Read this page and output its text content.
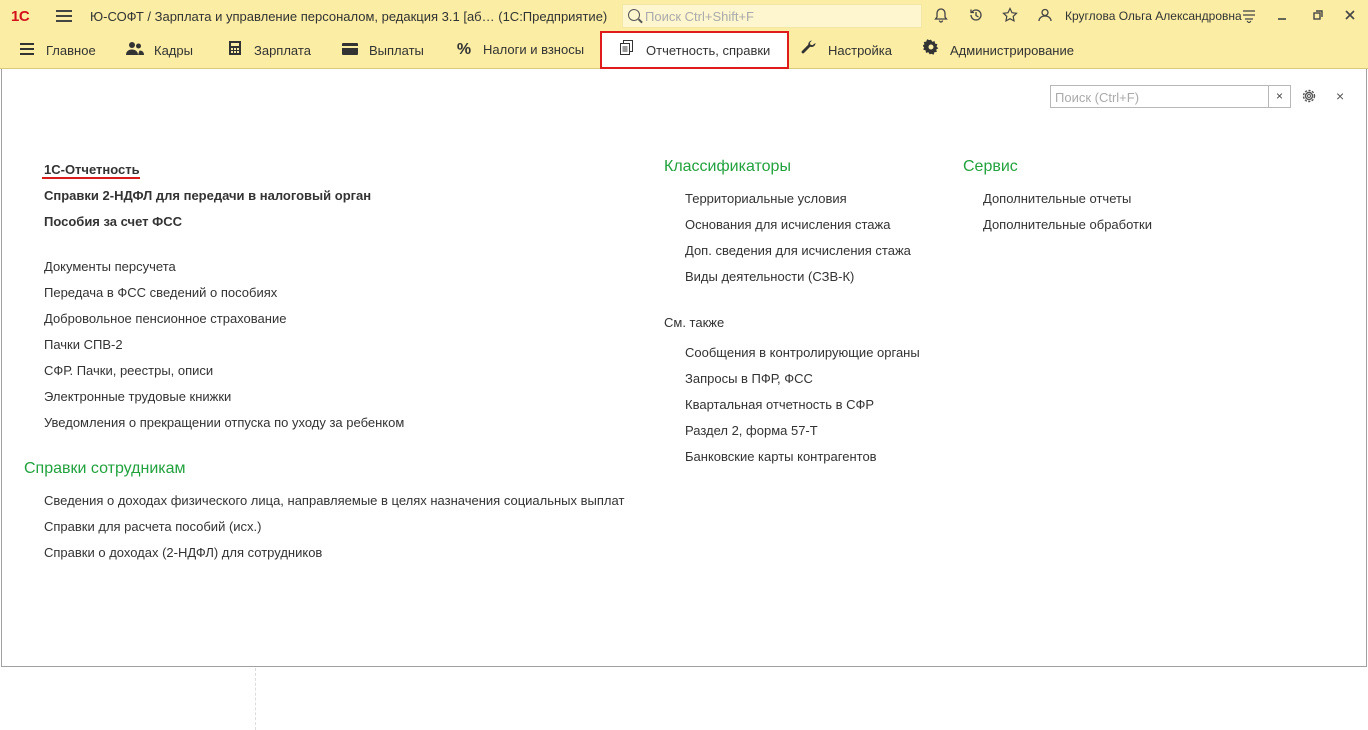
1С	Ю-СОФТ / Зарплата и управление персоналом, редакция 3.1 [аб… (1С:Предприятие)
Поиск Ctrl+Shift+F	Круглова Ольга Александровна
Главное	Кадры	Зарплата	Выплаты % Налоги и взносы	Отчетность, справки	Настройка	Администрирование
Поиск (Ctrl+F)
×	×
1С-Отчетность
Справки 2-НДФЛ для передачи в налоговый орган
Пособия за счет ФСС
Документы персучета
Передача в ФСС сведений о пособиях
Добровольное пенсионное страхование
Пачки СПВ-2
СФР. Пачки, реестры, описи
Электронные трудовые книжки
Уведомления о прекращении отпуска по уходу за ребенком
Справки сотрудникам
Сведения о доходах физического лица, направляемые в целях назначения социальных выплат
Справки для расчета пособий (исх.)
Справки о доходах (2-НДФЛ) для сотрудников
Классификаторы
Территориальные условия
Основания для исчисления стажа
Доп. сведения для исчисления стажа
Виды деятельности (СЗВ-К)
См. также
Сообщения в контролирующие органы
Запросы в ПФР, ФСС
Квартальная отчетность в СФР
Раздел 2, форма 57-Т
Банковские карты контрагентов
Сервис
Дополнительные отчеты
Дополнительные обработки
